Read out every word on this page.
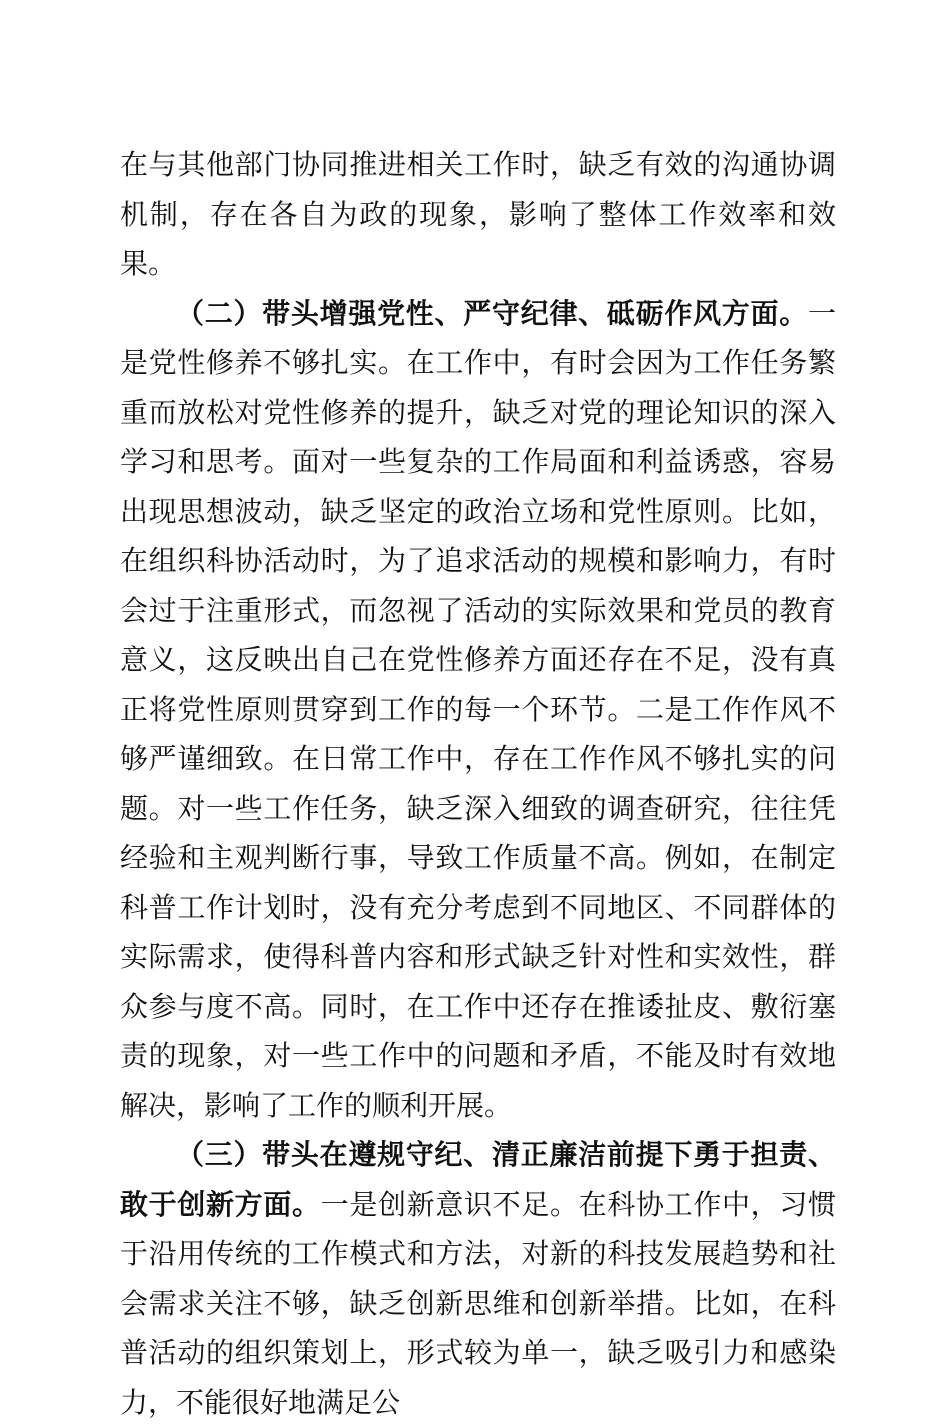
在与其他部门协同推进相关工作时，缺乏有效的沟通协调机制，存在各自为政的现象，影响了整体工作效率和效果。

（二）带头增强党性、严守纪律、砥砺作风方面。一是党性修养不够扎实。在工作中，有时会因为工作任务繁重而放松对党性修养的提升，缺乏对党的理论知识的深入学习和思考。面对一些复杂的工作局面和利益诱惑，容易出现思想波动，缺乏坚定的政治立场和党性原则。比如，在组织科协活动时，为了追求活动的规模和影响力，有时会过于注重形式，而忽视了活动的实际效果和党员的教育意义，这反映出自己在党性修养方面还存在不足，没有真正将党性原则贯穿到工作的每一个环节。二是工作作风不够严谨细致。在日常工作中，存在工作作风不够扎实的问题。对一些工作任务，缺乏深入细致的调查研究，往往凭经验和主观判断行事，导致工作质量不高。例如，在制定科普工作计划时，没有充分考虑到不同地区、不同群体的实际需求，使得科普内容和形式缺乏针对性和实效性，群众参与度不高。同时，在工作中还存在推诿扯皮、敷衍塞责的现象，对一些工作中的问题和矛盾，不能及时有效地解决，影响了工作的顺利开展。

（三）带头在遵规守纪、清正廉洁前提下勇于担责、敢于创新方面。一是创新意识不足。在科协工作中，习惯于沿用传统的工作模式和方法，对新的科技发展趋势和社会需求关注不够，缺乏创新思维和创新举措。比如，在科普活动的组织策划上，形式较为单一，缺乏吸引力和感染力，不能很好地满足公
